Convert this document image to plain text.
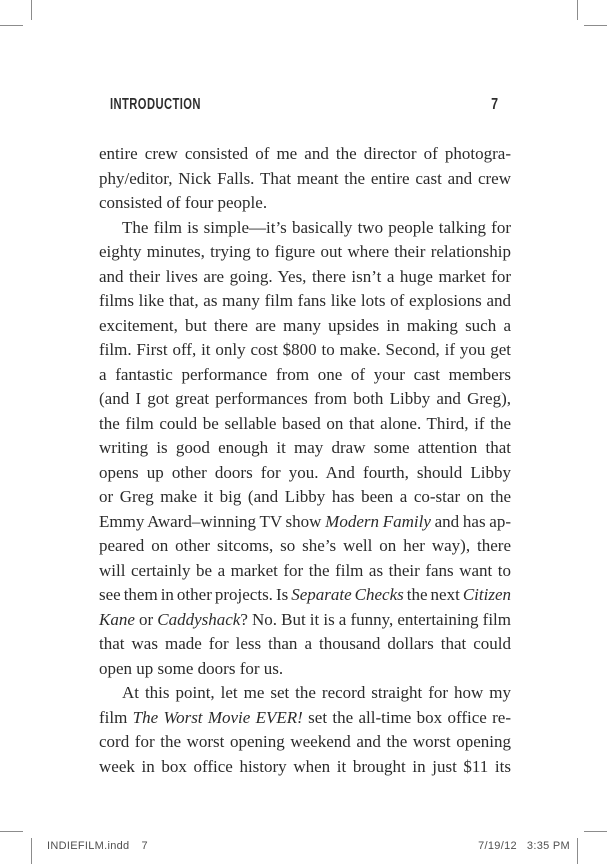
INTRODUCTION	7
entire crew consisted of me and the director of photogra-
phy/editor, Nick Falls. That meant the entire cast and crew
consisted of four people.
The film is simple—it’s basically two people talking for
eighty minutes, trying to figure out where their relationship
and their lives are going. Yes, there isn’t a huge market for
films like that, as many film fans like lots of explosions and
excitement, but there are many upsides in making such a
film. First off, it only cost $800 to make. Second, if you get
a fantastic performance from one of your cast members
(and I got great performances from both Libby and Greg),
the film could be sellable based on that alone. Third, if the
writing is good enough it may draw some attention that
opens up other doors for you. And fourth, should Libby
or Greg make it big (and Libby has been a co-star on the
Emmy Award–winning TV show Modern Family and has ap-
peared on other sitcoms, so she’s well on her way), there
will certainly be a market for the film as their fans want to
see them in other projects. Is Separate Checks the next Citizen
Kane or Caddyshack? No. But it is a funny, entertaining film
that was made for less than a thousand dollars that could
open up some doors for us.
At this point, let me set the record straight for how my
film The Worst Movie EVER! set the all-time box office re-
cord for the worst opening weekend and the worst opening
week in box office history when it brought in just $11 its
INDIEFILM.indd 7	7/19/12 3:35 PM
